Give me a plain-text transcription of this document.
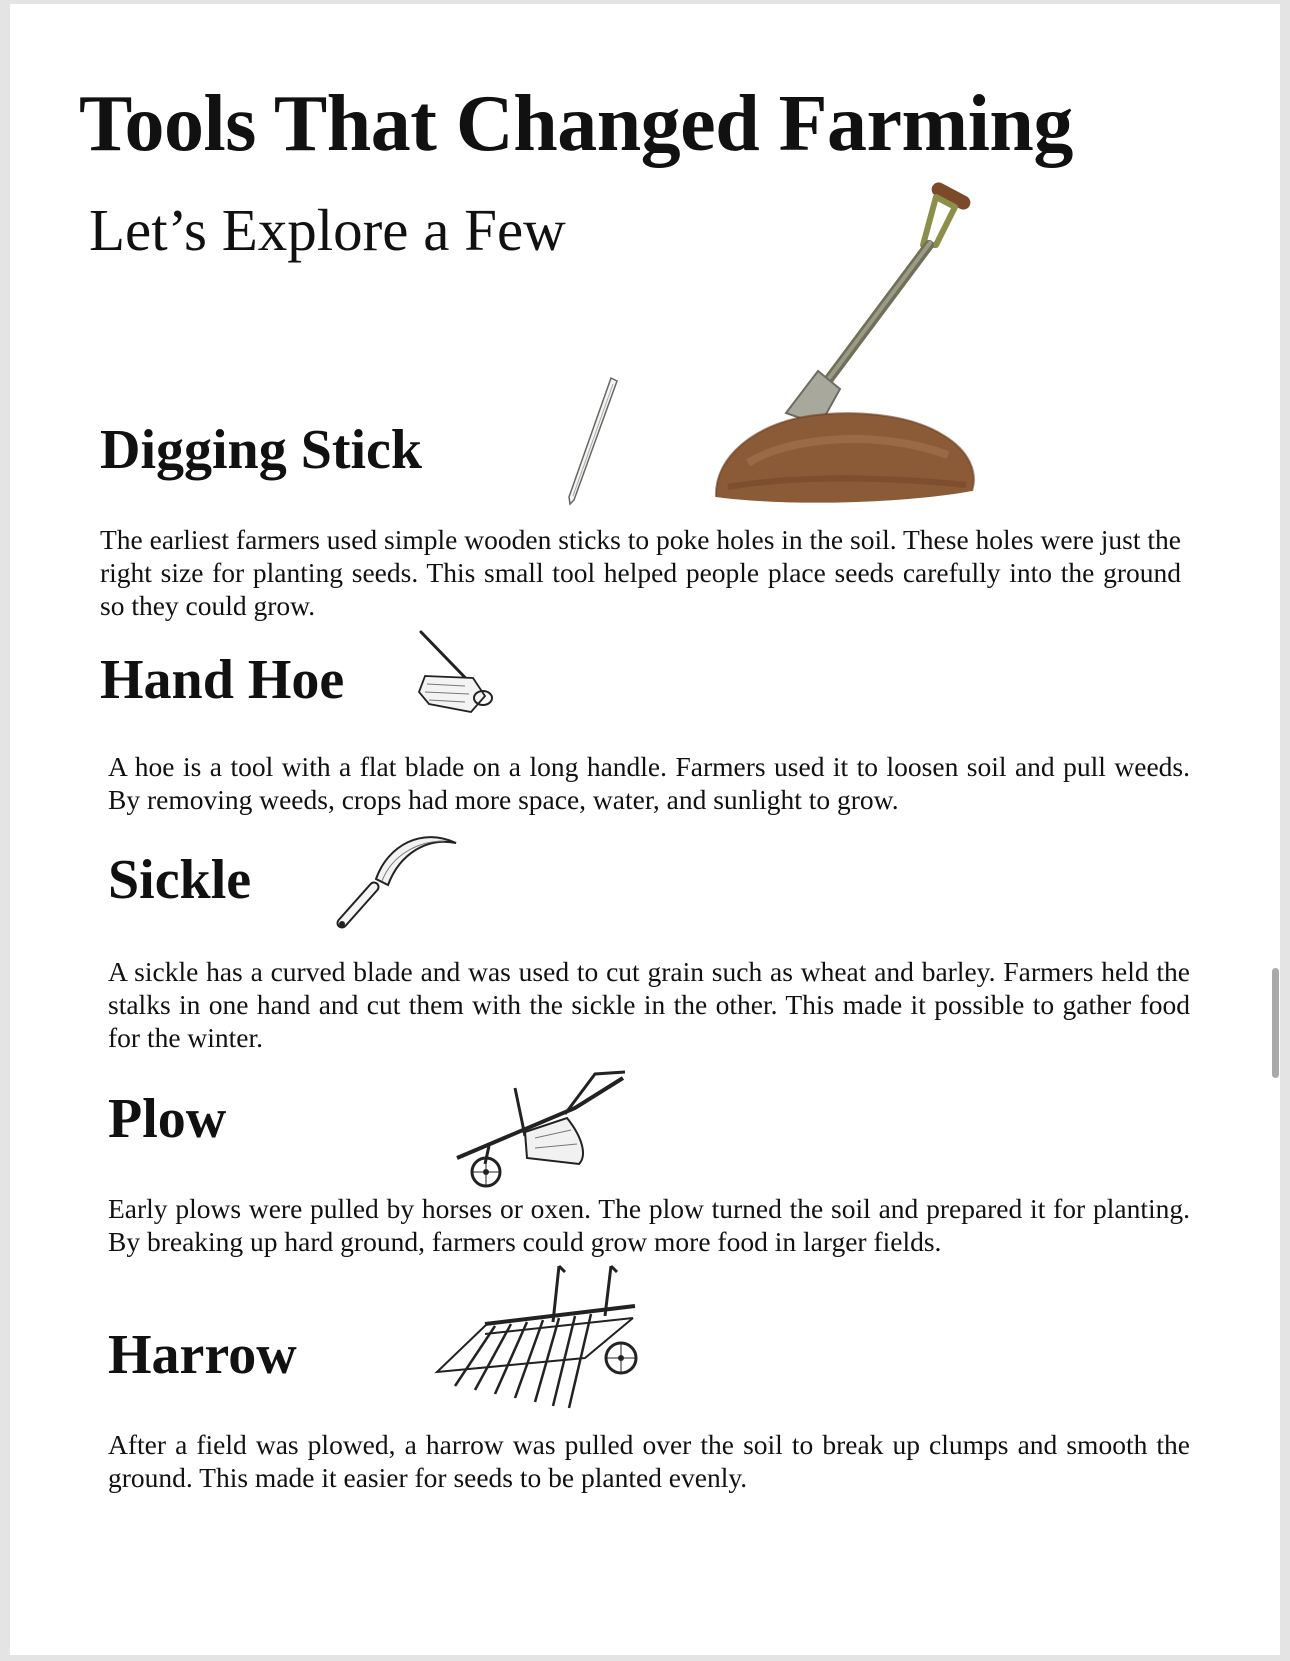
Tools That Changed Farming
Let’s Explore a Few
Digging Stick

The earliest farmers used simple wooden sticks to poke holes in the soil. These holes were just the right size for planting seeds. This small tool helped people place seeds carefully into the ground so they could grow.

Hand Hoe

A hoe is a tool with a flat blade on a long handle. Farmers used it to loosen soil and pull weeds. By removing weeds, crops had more space, water, and sunlight to grow.

Sickle

A sickle has a curved blade and was used to cut grain such as wheat and barley. Farmers held the stalks in one hand and cut them with the sickle in the other. This made it possible to gather food for the winter.

Plow

Early plows were pulled by horses or oxen. The plow turned the soil and prepared it for planting. By breaking up hard ground, farmers could grow more food in larger fields.

Harrow

After a field was plowed, a harrow was pulled over the soil to break up clumps and smooth the ground. This made it easier for seeds to be planted evenly.
